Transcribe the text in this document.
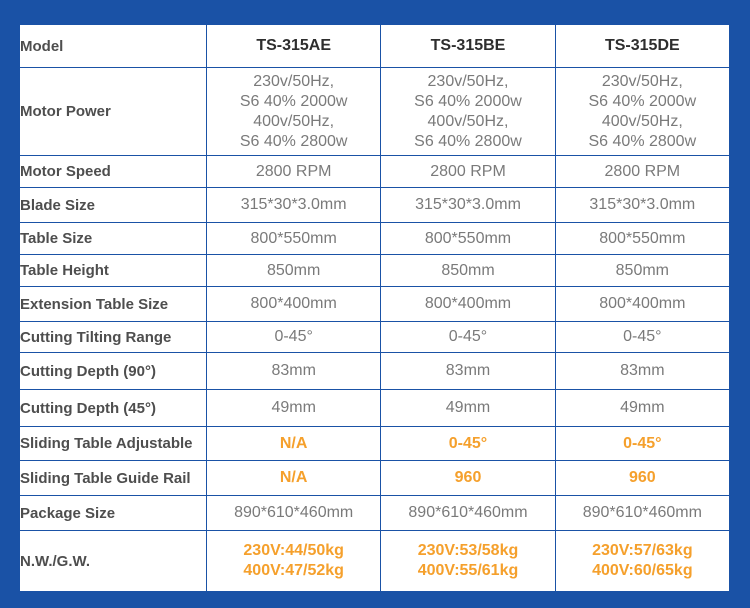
Model	TS-315AE	TS-315BE	TS-315DE
Motor Power	230v/50Hz,
S6 40% 2000w
400v/50Hz,
S6 40% 2800w	230v/50Hz,
S6 40% 2000w
400v/50Hz,
S6 40% 2800w	230v/50Hz,
S6 40% 2000w
400v/50Hz,
S6 40% 2800w

Motor Speed	2800 RPM	2800 RPM	2800 RPM
Blade Size	315*30*3.0mm	315*30*3.0mm	315*30*3.0mm
Table Size	800*550mm	800*550mm	800*550mm
Table Height	850mm	850mm	850mm
Extension Table Size	800*400mm	800*400mm	800*400mm
Cutting Tilting Range	0-45°	0-45°	0-45°
Cutting Depth (90°)	83mm	83mm	83mm
Cutting Depth (45°)	49mm	49mm	49mm
Sliding Table Adjustable	N/A	0-45°	0-45°
Sliding Table Guide Rail	N/A	960	960
Package Size	890*610*460mm	890*610*460mm	890*610*460mm
N.W./G.W.	230V:44/50kg
400V:47/52kg	230V:53/58kg
400V:55/61kg	230V:57/63kg
400V:60/65kg
